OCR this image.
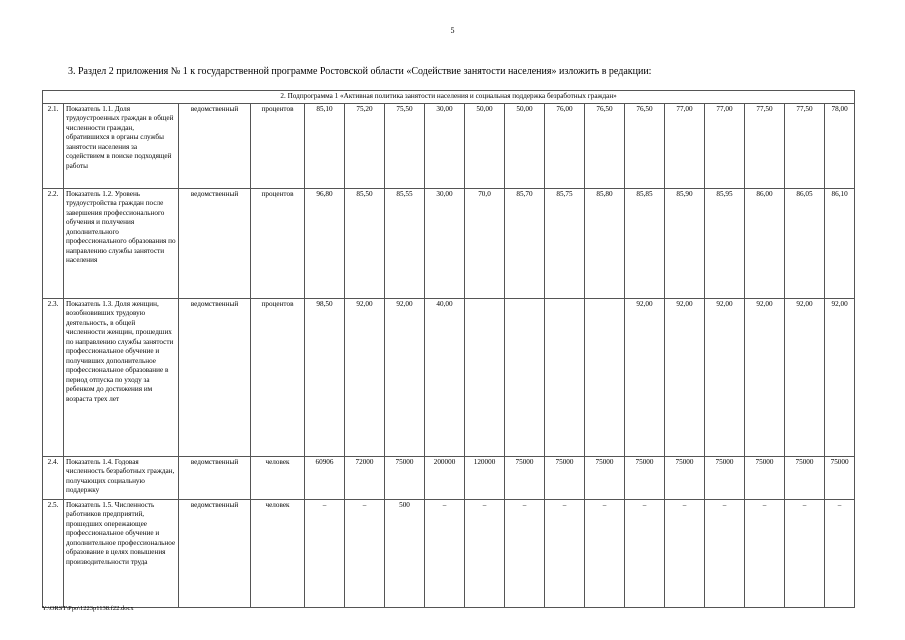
5
3. Раздел 2 приложения № 1 к государственной программе Ростовской области «Содействие занятости населения» изложить в редакции:
2. Подпрограмма 1 «Активная политика занятости населения и социальная поддержка безработных граждан»																	
2.1.	Показатель 1.1. Доля трудоустроенных граждан в общей численности граждан, обратившихся в органы службы занятости населения за содействием в поиске подходящей работы	ведомственный	процентов	85,10	75,20	75,50	30,00	50,00	50,00	76,00	76,50	76,50	77,00	77,00	77,50	77,50	78,00
2.2.	Показатель 1.2. Уровень трудоустройства граждан после завершения профессионального обучения и получения дополнительного профессионального образования по направлению службы занятости населения	ведомственный	процентов	96,80	85,50	85,55	30,00	70,0	85,70	85,75	85,80	85,85	85,90	85,95	86,00	86,05	86,10
2.3.	Показатель 1.3. Доля женщин, возобновивших трудовую деятельность, в общей численности женщин, прошедших по направлению службы занятости профессиональное обучение и получивших дополнительное профессиональное образование в период отпуска по уходу за ребенком до достижения им возраста трех лет	ведомственный	процентов	98,50	92,00	92,00	40,00					92,00	92,00	92,00	92,00	92,00	92,00
2.4.	Показатель 1.4. Годовая численность безработных граждан, получающих социальную поддержку	ведомственный	человек	60906	72000	75000	200000	120000	75000	75000	75000	75000	75000	75000	75000	75000	75000
2.5.	Показатель 1.5. Численность работников предприятий, прошедших опережающее профессиональное обучение и дополнительное профессиональное образование в целях повышения производительности труда	ведомственный	человек	–	–	500	–	–	–	–	–	–	–	–	–	–	–
Y:\ORST\Ppo\1223p1138.f22.docx
